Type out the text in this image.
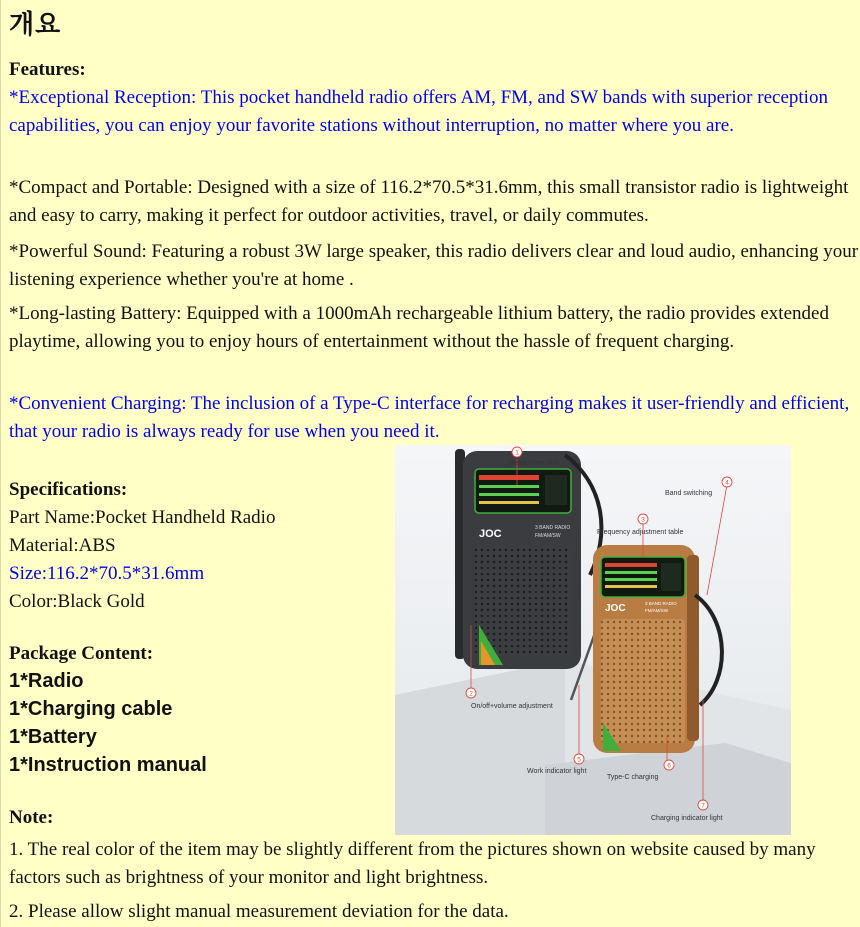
개요
Features:
*Exceptional Reception: This pocket handheld radio offers AM, FM, and SW bands with superior reception capabilities, you can enjoy your favorite stations without interruption, no matter where you are.
*Compact and Portable: Designed with a size of 116.2*70.5*31.6mm, this small transistor radio is lightweight and easy to carry, making it perfect for outdoor activities, travel, or daily commutes.
*Powerful Sound: Featuring a robust 3W large speaker, this radio delivers clear and loud audio, enhancing your listening experience whether you're at home .
*Long-lasting Battery: Equipped with a 1000mAh rechargeable lithium battery, the radio provides extended playtime, allowing you to enjoy hours of entertainment without the hassle of frequent charging.
*Convenient Charging: The inclusion of a Type-C interface for recharging makes it user-friendly and efficient, that your radio is always ready for use when you need it.
Specifications:
Part Name:Pocket Handheld Radio
Material:ABS
Size:116.2*70.5*31.6mm
Color:Black Gold
Package Content:
1*Radio
1*Charging cable
1*Battery
1*Instruction manual
Note:
1. The real color of the item may be slightly different from the pictures shown on website caused by many factors such as brightness of your monitor and light brightness.
2. Please allow slight manual measurement deviation for the data.
JOC	3 BAND RADIO
FM/AM/SW
JOC	3 BAND RADIO
FM/AM/SW
1
4
3
2
5
6
7
Headphone jack
Band switching
Frequency adjustment table
On/off+volume adjustment
Work indicator light
Type-C charging
Charging indicator light
